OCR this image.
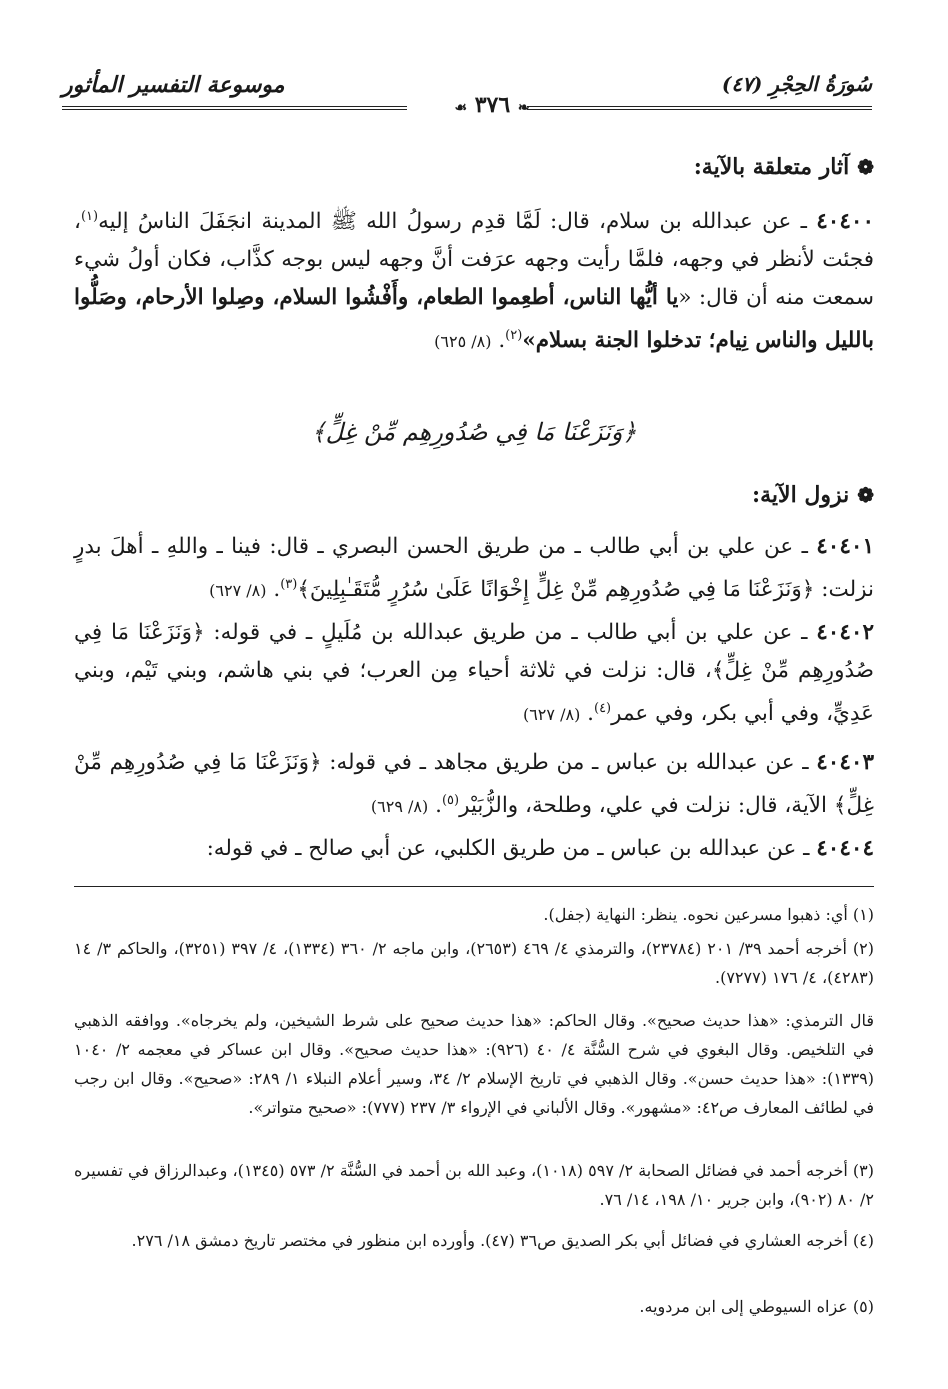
موسوعة التفسير المأثور	سُورَةُ الحِجْرِ (٤٧)
❧ ٣٧٦ ☙
❁آثار متعلقة بالآية:
٤٠٤٠٠ ـ عن عبدالله بن سلام، قال: لَمَّا قدِم رسولُ الله ﷺ المدينة انجَفَلَ الناسُ إليه$^{(١)}$، فجئت لأنظر في وجهه، فلمَّا رأيت وجهه عرَفت أنَّ وجهه ليس بوجه كذَّاب، فكان أولُ شيء سمعت منه أن قال: «يا أيُّها الناس، أطعِموا الطعام، وأَفْشُوا السلام، وصِلوا الأرحام، وصَلُّوا بالليل والناس نِيام؛ تدخلوا الجنة بسلام»$^{(٢)}$. (٨/ ٦٢٥)
﴿وَنَزَعْنَا مَا فِي صُدُورِهِم مِّنْ غِلٍّ﴾
❁نزول الآية:
٤٠٤٠١ ـ عن علي بن أبي طالب ـ من طريق الحسن البصري ـ قال: فينا ـ واللهِ ـ أهلَ بدرٍ نزلت: ﴿وَنَزَعْنَا مَا فِي صُدُورِهِم مِّنْ غِلٍّ إِخْوَانًا عَلَىٰ سُرُرٍ مُّتَقَـٰبِلِينَ﴾$^{(٣)}$. (٨/ ٦٢٧)
٤٠٤٠٢ ـ عن علي بن أبي طالب ـ من طريق عبدالله بن مُلَيلٍ ـ في قوله: ﴿وَنَزَعْنَا مَا فِي صُدُورِهِم مِّنْ غِلٍّ﴾، قال: نزلت في ثلاثة أحياء مِن العرب؛ في بني هاشم، وبني تَيْم، وبني عَدِيٍّ، وفي أبي بكر، وفي عمر$^{(٤)}$. (٨/ ٦٢٧)
٤٠٤٠٣ ـ عن عبدالله بن عباس ـ من طريق مجاهد ـ في قوله: ﴿وَنَزَعْنَا مَا فِي صُدُورِهِم مِّنْ غِلٍّ﴾ الآية، قال: نزلت في علي، وطلحة، والزُّبَيْر$^{(٥)}$. (٨/ ٦٢٩)
٤٠٤٠٤ ـ عن عبدالله بن عباس ـ من طريق الكلبي، عن أبي صالح ـ في قوله:
(١) أي: ذهبوا مسرعين نحوه. ينظر: النهاية (جفل).
(٢) أخرجه أحمد ٣٩/ ٢٠١ (٢٣٧٨٤)، والترمذي ٤/ ٤٦٩ (٢٦٥٣)، وابن ماجه ٢/ ٣٦٠ (١٣٣٤)، ٤/ ٣٩٧ (٣٢٥١)، والحاكم ٣/ ١٤ (٤٢٨٣)، ٤/ ١٧٦ (٧٢٧٧).
قال الترمذي: «هذا حديث صحيح». وقال الحاكم: «هذا حديث صحيح على شرط الشيخين، ولم يخرجاه». ووافقه الذهبي في التلخيص. وقال البغوي في شرح السُّنَّة ٤/ ٤٠ (٩٢٦): «هذا حديث صحيح». وقال ابن عساكر في معجمه ٢/ ١٠٤٠ (١٣٣٩): «هذا حديث حسن». وقال الذهبي في تاريخ الإسلام ٢/ ٣٤، وسير أعلام النبلاء ١/ ٢٨٩: «صحيح». وقال ابن رجب في لطائف المعارف ص٤٢: «مشهور». وقال الألباني في الإرواء ٣/ ٢٣٧ (٧٧٧): «صحيح متواتر».
(٣) أخرجه أحمد في فضائل الصحابة ٢/ ٥٩٧ (١٠١٨)، وعبد الله بن أحمد في السُّنَّة ٢/ ٥٧٣ (١٣٤٥)، وعبدالرزاق في تفسيره ٢/ ٨٠ (٩٠٢)، وابن جرير ١٠/ ١٩٨، ١٤/ ٧٦.
(٤) أخرجه العشاري في فضائل أبي بكر الصديق ص٣٦ (٤٧). وأورده ابن منظور في مختصر تاريخ دمشق ١٨/ ٢٧٦.
(٥) عزاه السيوطي إلى ابن مردويه.
